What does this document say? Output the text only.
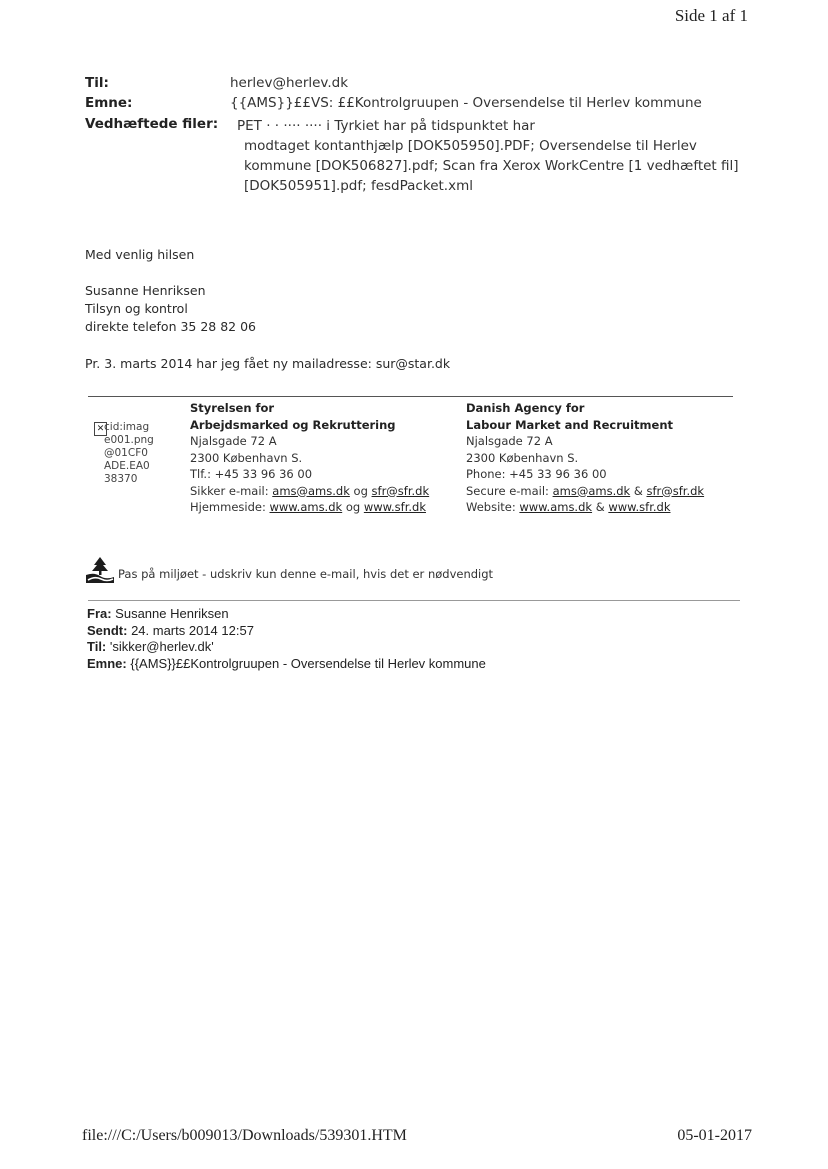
Side 1 af 1
Til:	herlev@herlev.dk
Emne:	{{AMS}}££VS: ££Kontrolgruupen - Oversendelse til Herlev kommune
Vedhæftede filer: PET · · ···· ···· i Tyrkiet har på tidspunktet har
modtaget kontanthjælp [DOK505950].PDF; Oversendelse til Herlev
kommune [DOK506827].pdf; Scan fra Xerox WorkCentre [1 vedhæftet fil]
[DOK505951].pdf; fesdPacket.xml
Med venlig hilsen
Susanne Henriksen
Tilsyn og kontrol
direkte telefon 35 28 82 06
Pr. 3. marts 2014 har jeg fået ny mailadresse: sur@star.dk
✕ cid:imag
e001.png
@01CF0
ADE.EA0
38370
Styrelsen for
Arbejdsmarked og Rekruttering
Njalsgade 72 A
2300 København S.
Tlf.: +45 33 96 36 00
Sikker e-mail: ams@ams.dk og sfr@sfr.dk
Hjemmeside: www.ams.dk og www.sfr.dk
Danish Agency for
Labour Market and Recruitment
Njalsgade 72 A
2300 København S.
Phone: +45 33 96 36 00
Secure e-mail: ams@ams.dk & sfr@sfr.dk
Website: www.ams.dk & www.sfr.dk
Pas på miljøet - udskriv kun denne e-mail, hvis det er nødvendigt
Fra: Susanne Henriksen
Sendt: 24. marts 2014 12:57
Til: 'sikker@herlev.dk'
Emne: {{AMS}}££Kontrolgruupen - Oversendelse til Herlev kommune
file:///C:/Users/b009013/Downloads/539301.HTM	05-01-2017
